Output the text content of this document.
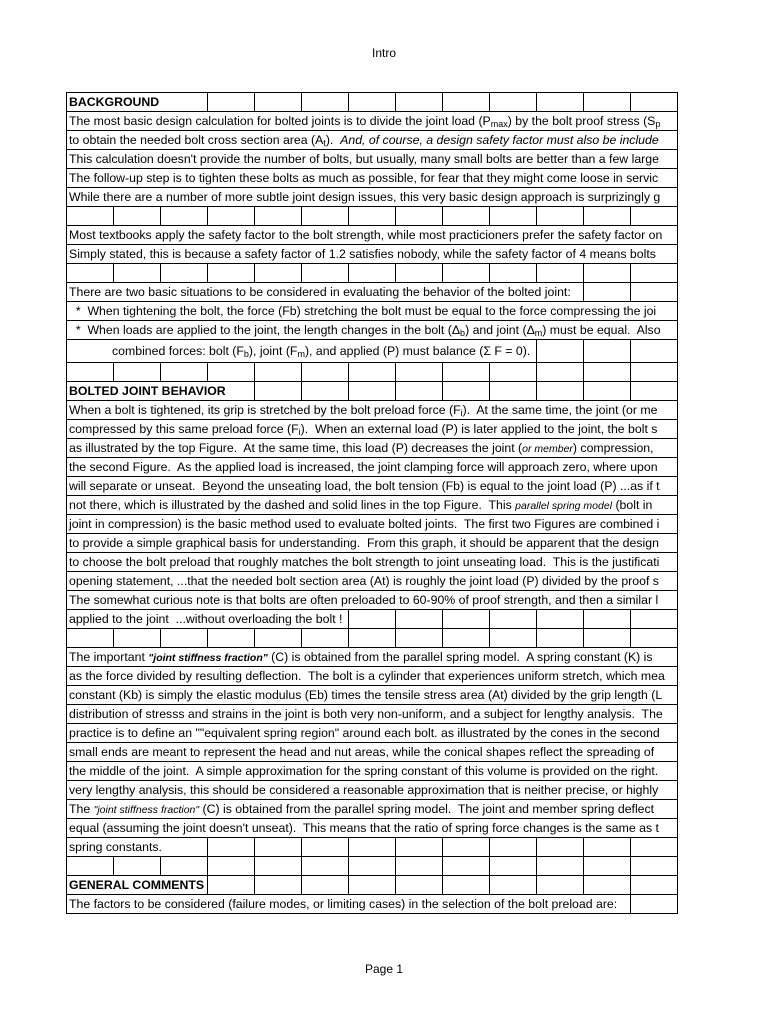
Intro
BACKGROUND
The most basic design calculation for bolted joints is to divide the joint load $(P_{max})$ by the bolt proof stress ($S_p$
to obtain the needed bolt cross section area $(A_t)$.  And, of course, a design safety factor must also be include
This calculation doesn't provide the number of bolts, but usually, many small bolts are better than a few large
The follow-up step is to tighten these bolts as much as possible, for fear that they might come loose in servic
While there are a number of more subtle joint design issues, this very basic design approach is surprizingly g
Most textbooks apply the safety factor to the bolt strength, while most practicioners prefer the safety factor on
Simply stated, this is because a safety factor of 1.2 satisfies nobody, while the safety factor of 4 means bolts
There are two basic situations to be considered in evaluating the behavior of the bolted joint:
*  When tightening the bolt, the force (Fb) stretching the bolt must be equal to the force compressing the joi
*  When loads are applied to the joint, the length changes in the bolt $(\Delta_b)$ and joint $(\Delta_m)$ must be equal.  Also
combined forces: bolt $(F_b)$, joint $(F_m)$, and applied (P) must balance (Σ F = 0).
BOLTED JOINT BEHAVIOR
When a bolt is tightened, its grip is stretched by the bolt preload force $(F_i)$.  At the same time, the joint (or me
compressed by this same preload force $(F_i)$.  When an external load (P) is later applied to the joint, the bolt s
as illustrated by the top Figure.  At the same time, this load (P) decreases the joint (or member) compression,
the second Figure.  As the applied load is increased, the joint clamping force will approach zero, where upon
will separate or unseat.  Beyond the unseating load, the bolt tension (Fb) is equal to the joint load (P) ...as if t
not there, which is illustrated by the dashed and solid lines in the top Figure.  This parallel spring model (bolt in
joint in compression) is the basic method used to evaluate bolted joints.  The first two Figures are combined i
to provide a simple graphical basis for understanding.  From this graph, it should be apparent that the design
to choose the bolt preload that roughly matches the bolt strength to joint unseating load.  This is the justificati
opening statement, ...that the needed bolt section area (At) is roughly the joint load (P) divided by the proof s
The somewhat curious note is that bolts are often preloaded to 60-90% of proof strength, and then a similar l
applied to the joint  ...without overloading the bolt !
The important "joint stiffness fraction" (C) is obtained from the parallel spring model.  A spring constant (K) is
as the force divided by resulting deflection.  The bolt is a cylinder that experiences uniform stretch, which mea
constant (Kb) is simply the elastic modulus (Eb) times the tensile stress area (At) divided by the grip length (L
distribution of stresss and strains in the joint is both very non-uniform, and a subject for lengthy analysis.  The
practice is to define an ""equivalent spring region" around each bolt. as illustrated by the cones in the second
small ends are meant to represent the head and nut areas, while the conical shapes reflect the spreading of
the middle of the joint.  A simple approximation for the spring constant of this volume is provided on the right.
very lengthy analysis, this should be considered a reasonable approximation that is neither precise, or highly
The "joint stiffness fraction" (C) is obtained from the parallel spring model.  The joint and member spring deflect
equal (assuming the joint doesn't unseat).  This means that the ratio of spring force changes is the same as t
spring constants.
GENERAL COMMENTS
The factors to be considered (failure modes, or limiting cases) in the selection of the bolt preload are:
Page 1
